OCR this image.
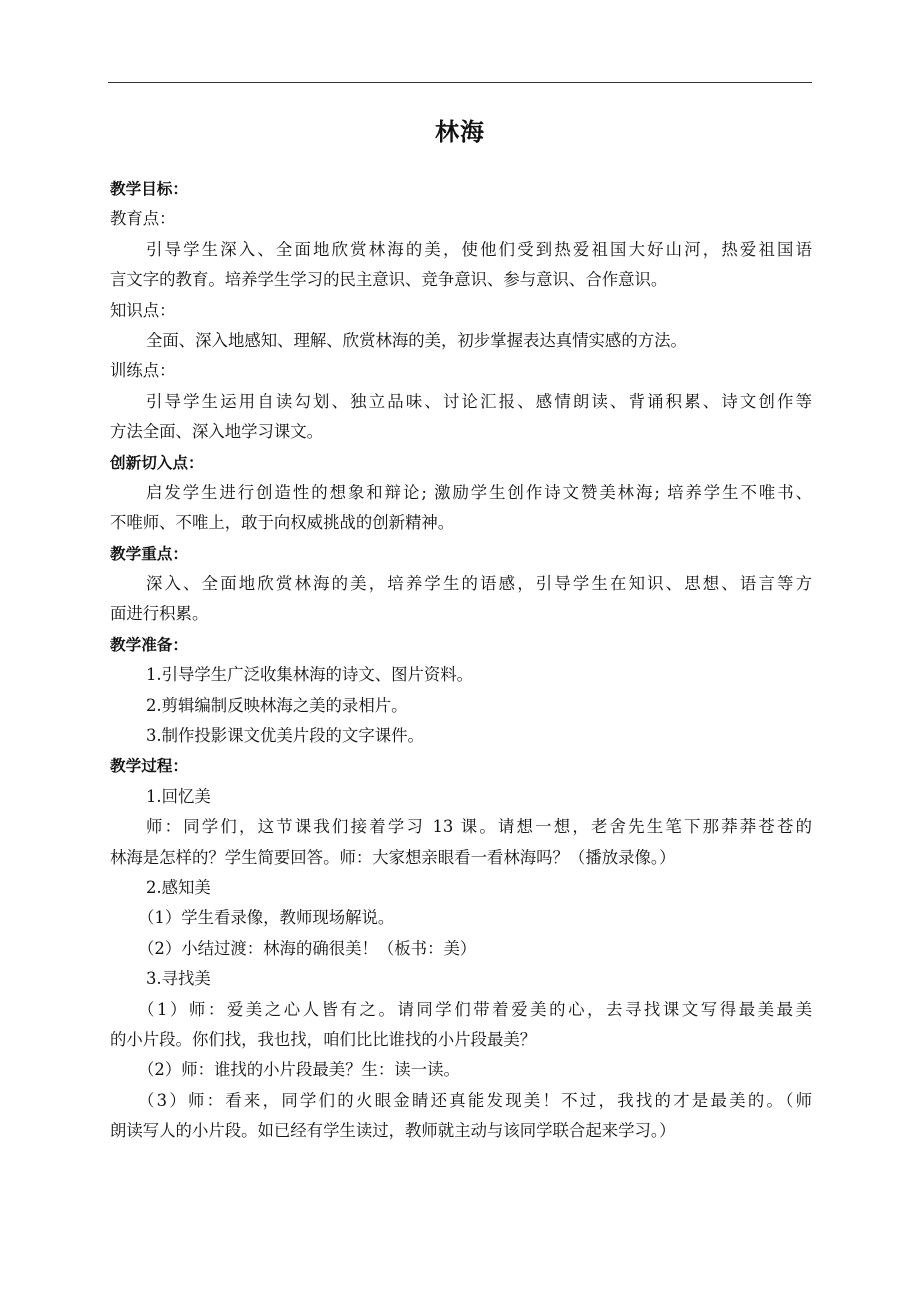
林海
教学目标：
教育点：
引导学生深入、全面地欣赏林海的美，使他们受到热爱祖国大好山河，热爱祖国语
言文字的教育。培养学生学习的民主意识、竞争意识、参与意识、合作意识。
知识点：
全面、深入地感知、理解、欣赏林海的美，初步掌握表达真情实感的方法。
训练点：
引导学生运用自读勾划、独立品味、讨论汇报、感情朗读、背诵积累、诗文创作等
方法全面、深入地学习课文。
创新切入点：
启发学生进行创造性的想象和辩论; 激励学生创作诗文赞美林海; 培养学生不唯书、
不唯师、不唯上，敢于向权威挑战的创新精神。
教学重点：
深入、全面地欣赏林海的美，培养学生的语感，引导学生在知识、思想、语言等方
面进行积累。
教学准备：
1.引导学生广泛收集林海的诗文、图片资料。
2.剪辑编制反映林海之美的录相片。
3.制作投影课文优美片段的文字课件。
教学过程：
1.回忆美
师：同学们，这节课我们接着学习 13 课。请想一想，老舍先生笔下那莽莽苍苍的
林海是怎样的？学生简要回答。师：大家想亲眼看一看林海吗？（播放录像。）
2.感知美
（1）学生看录像，教师现场解说。
（2）小结过渡：林海的确很美！（板书：美）
3.寻找美
（1）师：爱美之心人皆有之。请同学们带着爱美的心，去寻找课文写得最美最美
的小片段。你们找，我也找，咱们比比谁找的小片段最美？
（2）师：谁找的小片段最美？生：读一读。
（3）师：看来，同学们的火眼金睛还真能发现美！不过，我找的才是最美的。（师
朗读写人的小片段。如已经有学生读过，教师就主动与该同学联合起来学习。）
